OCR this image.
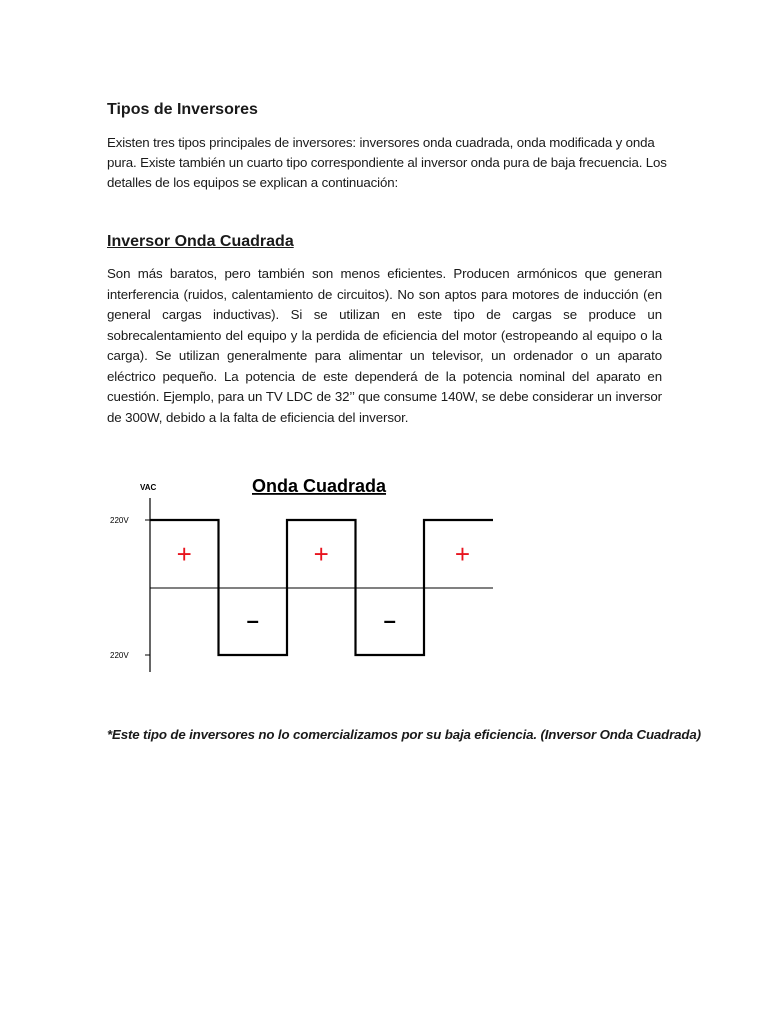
Tipos de Inversores

Existen tres tipos principales de inversores: inversores onda cuadrada, onda modificada y onda pura. Existe también un cuarto tipo correspondiente al inversor onda pura de baja frecuencia. Los detalles de los equipos se explican a continuación:

Inversor Onda Cuadrada

Son más baratos, pero también son menos eficientes. Producen armónicos que generan interferencia (ruidos, calentamiento de circuitos). No son aptos para motores de inducción (en general cargas inductivas). Si se utilizan en este tipo de cargas se produce un sobrecalentamiento del equipo y la perdida de eficiencia del motor (estropeando al equipo o la carga). Se utilizan generalmente para alimentar un televisor, un ordenador o un aparato eléctrico pequeño. La potencia de este dependerá de la potencia nominal del aparato en cuestión. Ejemplo, para un TV LDC de 32’’ que consume 140W, se debe considerar un inversor de 300W, debido a la falta de eficiencia del inversor.

VAC
220V
220V
Onda Cuadrada
+
–
+
–
+

*Este tipo de inversores no lo comercializamos por su baja eficiencia. (Inversor Onda Cuadrada)
